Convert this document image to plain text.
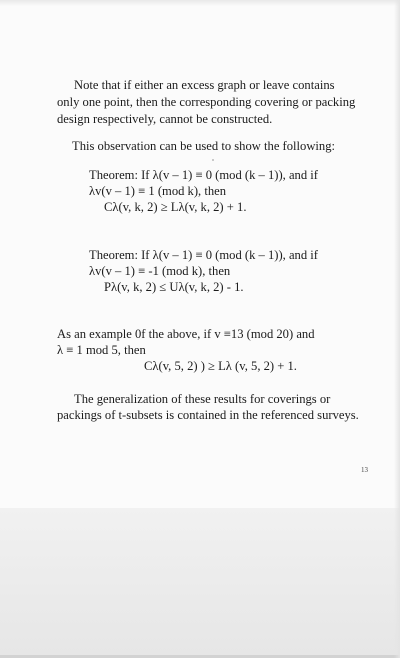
Note that if either an excess graph or leave contains

only one point, then the corresponding covering or packing

design respectively, cannot be constructed.

This observation can be used to show the following:

Theorem: If λ(v – 1) ≡ 0 (mod (k – 1)), and if

λv(v – 1) ≡ 1 (mod k), then

Cλ(v, k, 2) ≥ Lλ(v, k, 2) + 1.

Theorem: If λ(v – 1) ≡ 0 (mod (k – 1)), and if

λv(v – 1) ≡ -1 (mod k), then

Pλ(v, k, 2) ≤ Uλ(v, k, 2) - 1.

As an example 0f the above, if v ≡13 (mod 20) and

λ ≡ 1 mod 5, then

Cλ(v, 5, 2) ) ≥ Lλ (v, 5, 2) + 1.

The generalization of these results for coverings or

packings of t-subsets is contained in the referenced surveys.

13
